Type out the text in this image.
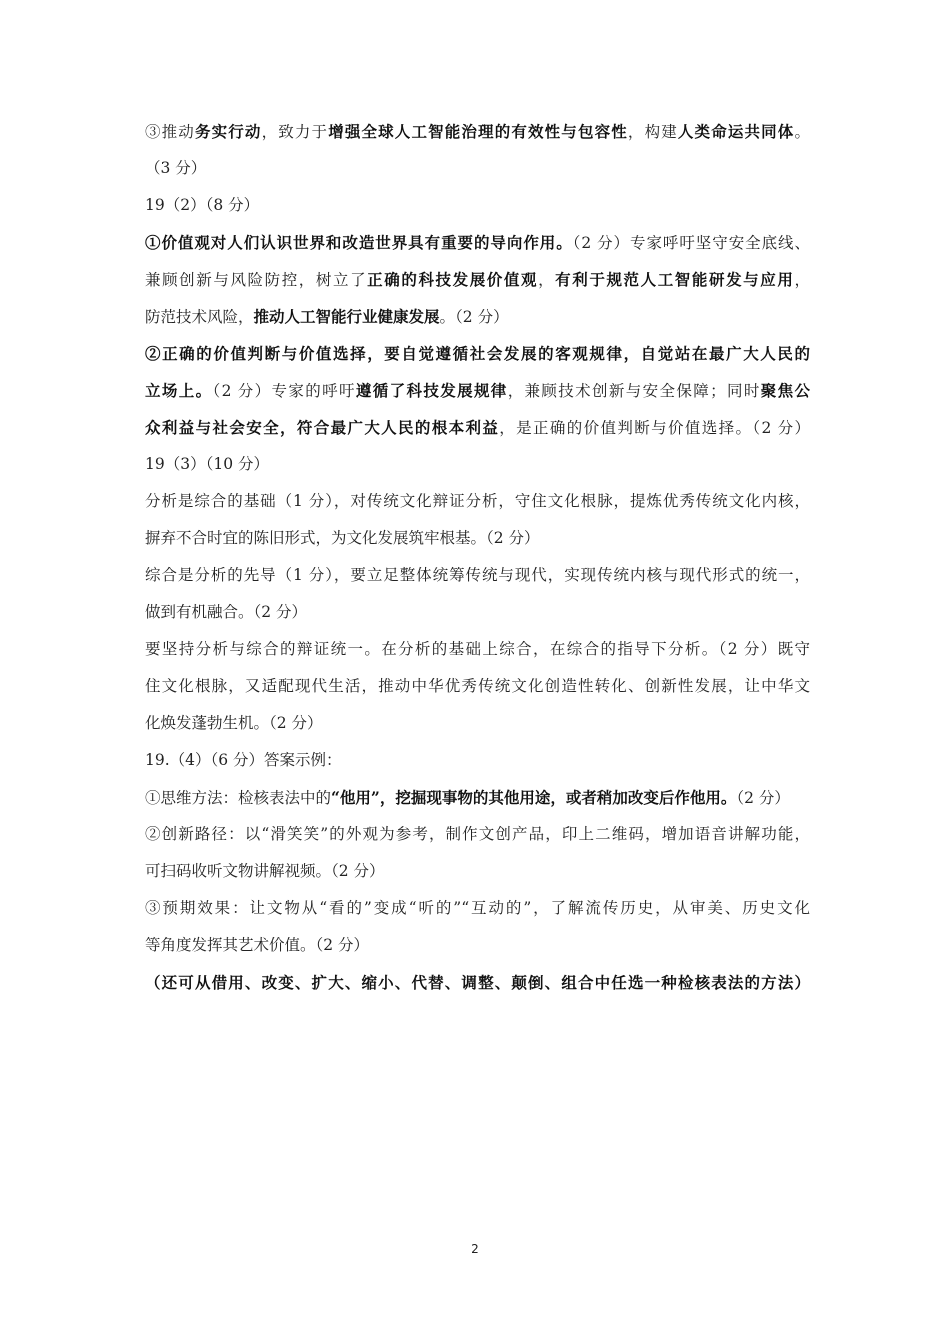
③推动务实行动，致力于增强全球人工智能治理的有效性与包容性，构建人类命运共同体。
（3 分）
19（2）（8 分）
①价值观对人们认识世界和改造世界具有重要的导向作用。（2 分）专家呼吁坚守安全底线、
兼顾创新与风险防控，树立了正确的科技发展价值观，有利于规范人工智能研发与应用，
防范技术风险，推动人工智能行业健康发展。（2 分）
②正确的价值判断与价值选择，要自觉遵循社会发展的客观规律，自觉站在最广大人民的
立场上。（2 分）专家的呼吁遵循了科技发展规律，兼顾技术创新与安全保障；同时聚焦公
众利益与社会安全，符合最广大人民的根本利益，是正确的价值判断与价值选择。（2 分）
19（3）（10 分）
分析是综合的基础（1 分），对传统文化辩证分析，守住文化根脉，提炼优秀传统文化内核，
摒弃不合时宜的陈旧形式，为文化发展筑牢根基。（2 分）
综合是分析的先导（1 分），要立足整体统筹传统与现代，实现传统内核与现代形式的统一，
做到有机融合。（2 分）
要坚持分析与综合的辩证统一。在分析的基础上综合，在综合的指导下分析。（2 分）既守
住文化根脉，又适配现代生活，推动中华优秀传统文化创造性转化、创新性发展，让中华文
化焕发蓬勃生机。（2 分）
19.（4）（6 分）答案示例：
①思维方法：检核表法中的“他用”，挖掘现事物的其他用途，或者稍加改变后作他用。（2 分）
②创新路径：以“滑笑笑”的外观为参考，制作文创产品，印上二维码，增加语音讲解功能，
可扫码收听文物讲解视频。（2 分）
③预期效果：让文物从“看的”变成“听的”“互动的”，了解流传历史，从审美、历史文化
等角度发挥其艺术价值。（2 分）
（还可从借用、改变、扩大、缩小、代替、调整、颠倒、组合中任选一种检核表法的方法）
2
